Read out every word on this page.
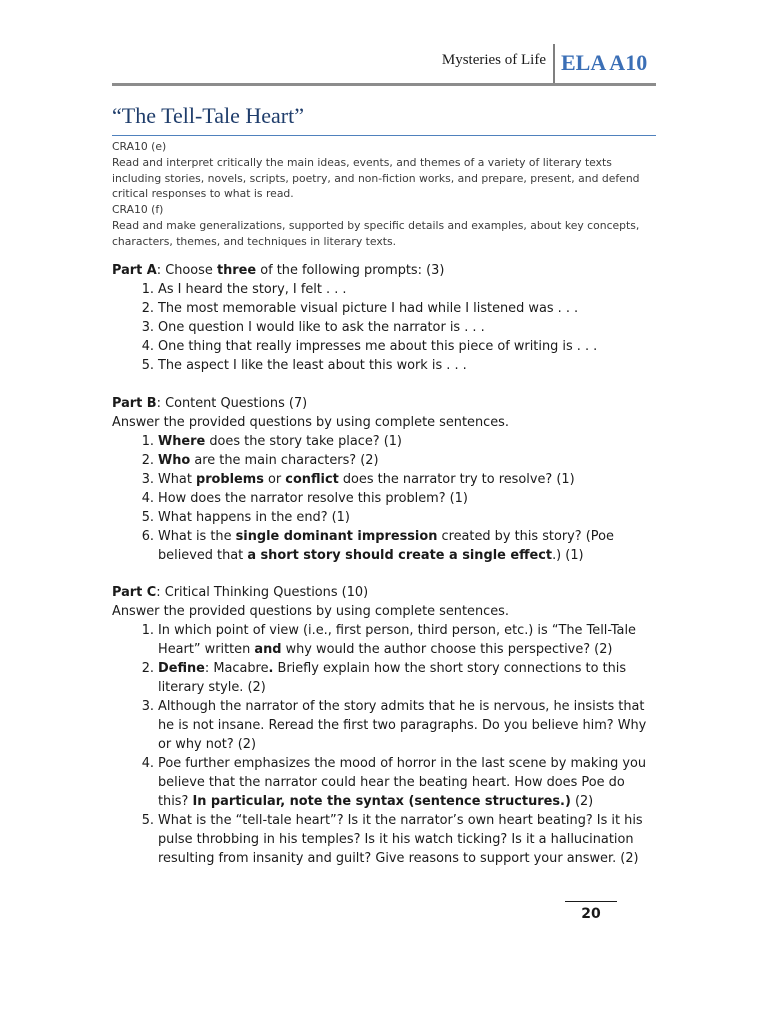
Mysteries of Life ELA A10
“The Tell-Tale Heart”

CRA10 (e)

Read and interpret critically the main ideas, events, and themes of a variety of literary texts including stories, novels, scripts, poetry, and non-fiction works, and prepare, present, and defend critical responses to what is read.

CRA10 (f)

Read and make generalizations, supported by specific details and examples, about key concepts, characters, themes, and techniques in literary texts.

Part A: Choose three of the following prompts: (3)

1. As I heard the story, I felt . . .
2. The most memorable visual picture I had while I listened was . . .
3. One question I would like to ask the narrator is . . .
4. One thing that really impresses me about this piece of writing is . . .
5. The aspect I like the least about this work is . . .

Part B: Content Questions (7)

Answer the provided questions by using complete sentences.

1. Where does the story take place? (1)
2. Who are the main characters? (2)
3. What problems or conflict does the narrator try to resolve? (1)
4. How does the narrator resolve this problem? (1)
5. What happens in the end? (1)
6. What is the single dominant impression created by this story? (Poe believed that a short story should create a single effect.) (1)

Part C: Critical Thinking Questions (10)

Answer the provided questions by using complete sentences.

1. In which point of view (i.e., first person, third person, etc.) is “The Tell-Tale Heart” written and why would the author choose this perspective? (2)
2. Define: Macabre. Briefly explain how the short story connections to this literary style. (2)
3. Although the narrator of the story admits that he is nervous, he insists that he is not insane. Reread the first two paragraphs. Do you believe him? Why or why not? (2)
4. Poe further emphasizes the mood of horror in the last scene by making you believe that the narrator could hear the beating heart. How does Poe do this? In particular, note the syntax (sentence structures.) (2)
5. What is the “tell-tale heart”? Is it the narrator’s own heart beating? Is it his pulse throbbing in his temples? Is it his watch ticking? Is it a hallucination resulting from insanity and guilt? Give reasons to support your answer. (2)
20
